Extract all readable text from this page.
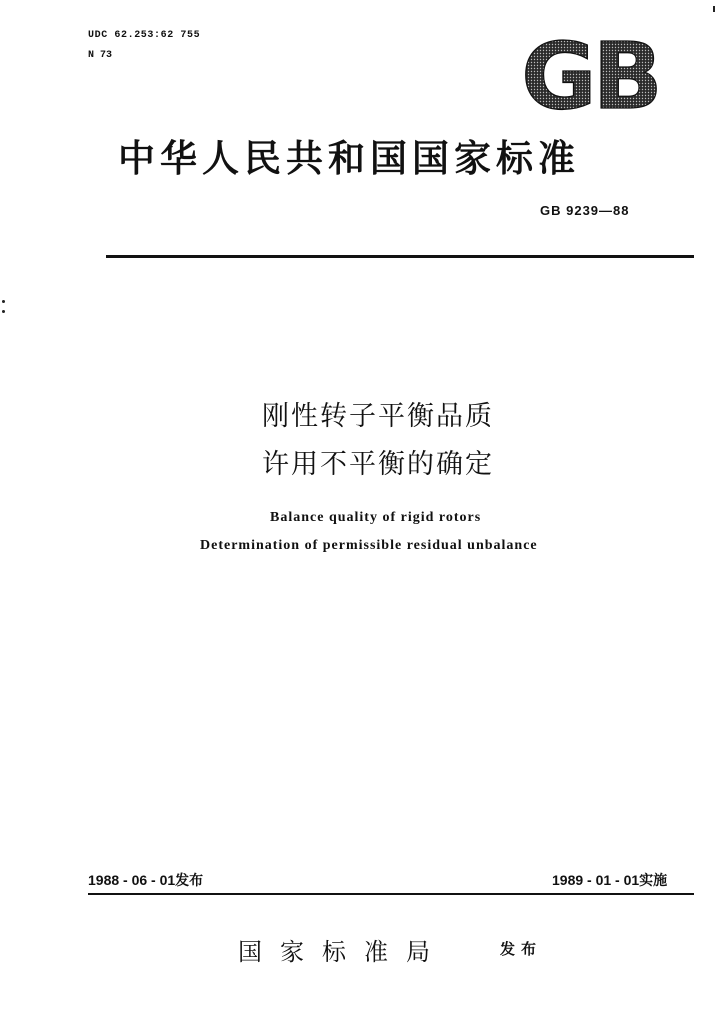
UDC 62.253:62 755
N 73	GB
中华人民共和国国家标准
GB 9239—88
刚性转子平衡品质
许用不平衡的确定
Balance quality of rigid rotors
Determination of permissible residual unbalance
1988 - 06 - 01发布	1989 - 01 - 01实施
国家标准局	发布
